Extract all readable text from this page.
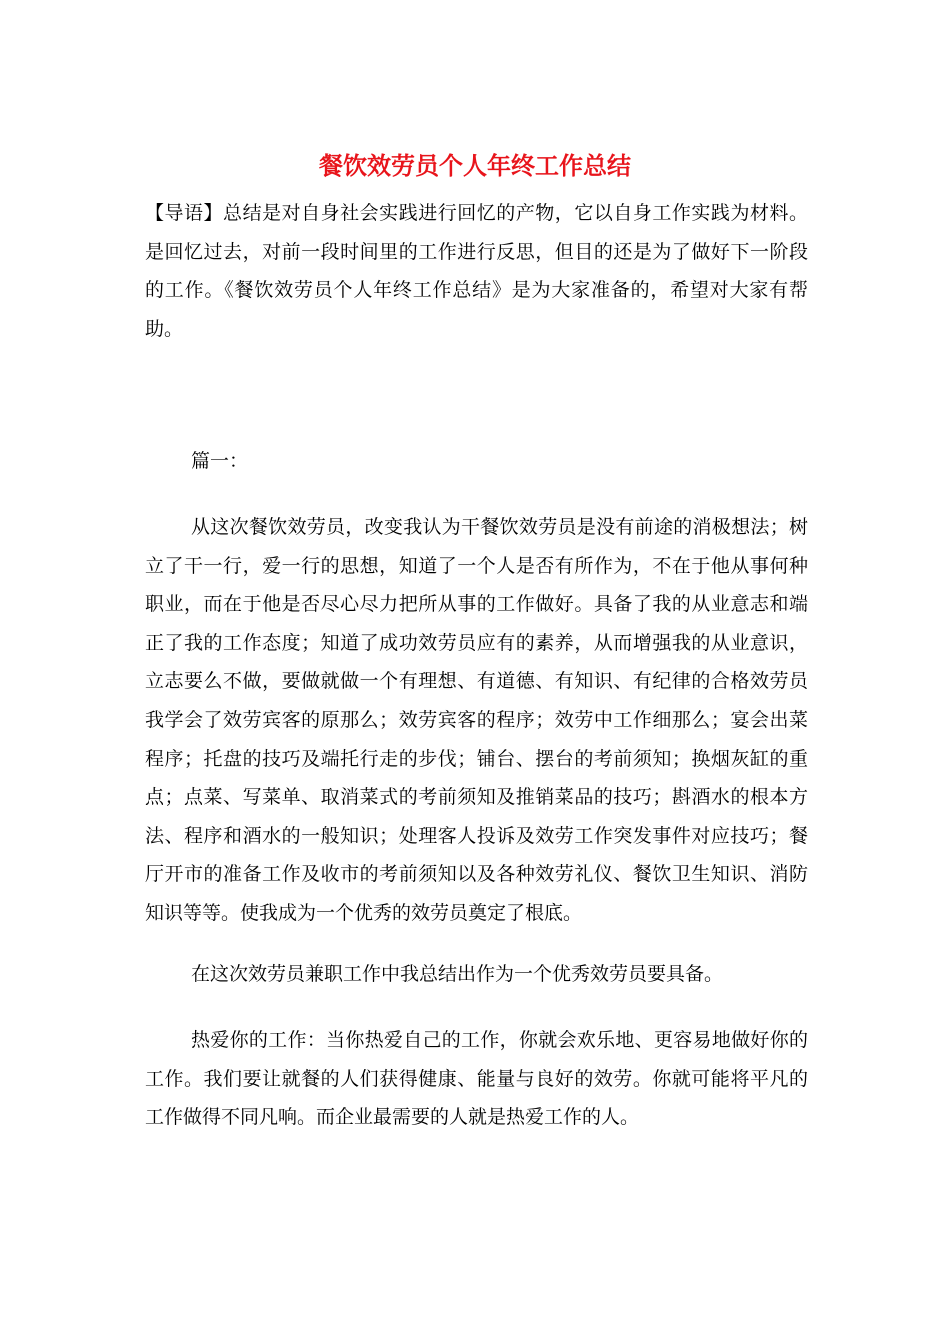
餐饮效劳员个人年终工作总结

【导语】总结是对自身社会实践进行回忆的产物，它以自身工作实践为材料。是回忆过去，对前一段时间里的工作进行反思，但目的还是为了做好下一阶段的工作。《餐饮效劳员个人年终工作总结》是为大家准备的，希望对大家有帮助。

篇一：

从这次餐饮效劳员，改变我认为干餐饮效劳员是没有前途的消极想法；树立了干一行，爱一行的思想，知道了一个人是否有所作为，不在于他从事何种职业，而在于他是否尽心尽力把所从事的工作做好。具备了我的从业意志和端正了我的工作态度；知道了成功效劳员应有的素养，从而增强我的从业意识，立志要么不做，要做就做一个有理想、有道德、有知识、有纪律的合格效劳员我学会了效劳宾客的原那么；效劳宾客的程序；效劳中工作细那么；宴会出菜程序；托盘的技巧及端托行走的步伐；铺台、摆台的考前须知；换烟灰缸的重点；点菜、写菜单、取消菜式的考前须知及推销菜品的技巧；斟酒水的根本方法、程序和酒水的一般知识；处理客人投诉及效劳工作突发事件对应技巧；餐厅开市的准备工作及收市的考前须知以及各种效劳礼仪、餐饮卫生知识、消防知识等等。使我成为一个优秀的效劳员奠定了根底。

在这次效劳员兼职工作中我总结出作为一个优秀效劳员要具备。

热爱你的工作：当你热爱自己的工作，你就会欢乐地、更容易地做好你的工作。我们要让就餐的人们获得健康、能量与良好的效劳。你就可能将平凡的工作做得不同凡响。而企业最需要的人就是热爱工作的人。
